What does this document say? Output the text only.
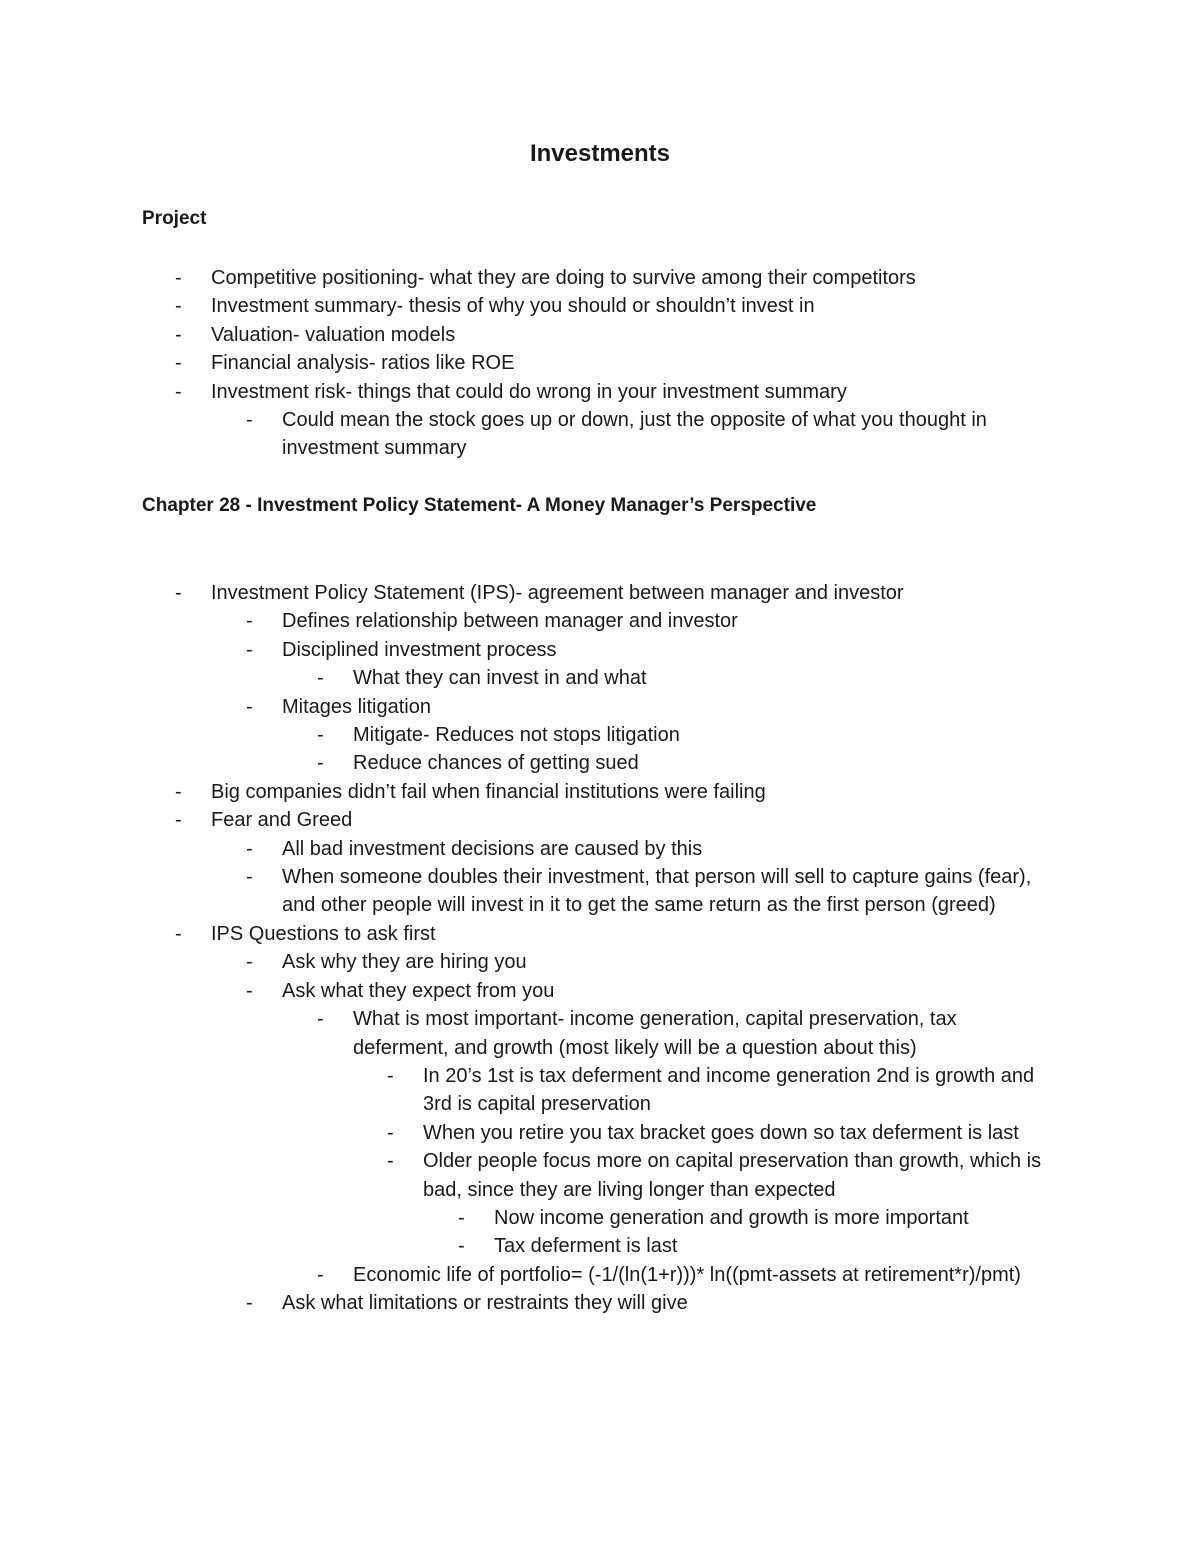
Investments
Project

- Competitive positioning- what they are doing to survive among their competitors

- Investment summary- thesis of why you should or shouldn’t invest in

- Valuation- valuation models

- Financial analysis- ratios like ROE

- Investment risk- things that could do wrong in your investment summary

- Could mean the stock goes up or down, just the opposite of what you thought in investment summary

Chapter 28 - Investment Policy Statement- A Money Manager’s Perspective

- Investment Policy Statement (IPS)- agreement between manager and investor

- Defines relationship between manager and investor

- Disciplined investment process

- What they can invest in and what

- Mitages litigation

- Mitigate- Reduces not stops litigation

- Reduce chances of getting sued

- Big companies didn’t fail when financial institutions were failing

- Fear and Greed

- All bad investment decisions are caused by this

- When someone doubles their investment, that person will sell to capture gains (fear), and other people will invest in it to get the same return as the first person (greed)

- IPS Questions to ask first

- Ask why they are hiring you

- Ask what they expect from you

- What is most important- income generation, capital preservation, tax deferment, and growth (most likely will be a question about this)

- In 20’s 1st is tax deferment and income generation 2nd is growth and 3rd is capital preservation

- When you retire you tax bracket goes down so tax deferment is last

- Older people focus more on capital preservation than growth, which is bad, since they are living longer than expected

- Now income generation and growth is more important

- Tax deferment is last

- Economic life of portfolio= (-1/(ln(1+r)))* ln((pmt-assets at retirement*r)/pmt)

- Ask what limitations or restraints they will give
